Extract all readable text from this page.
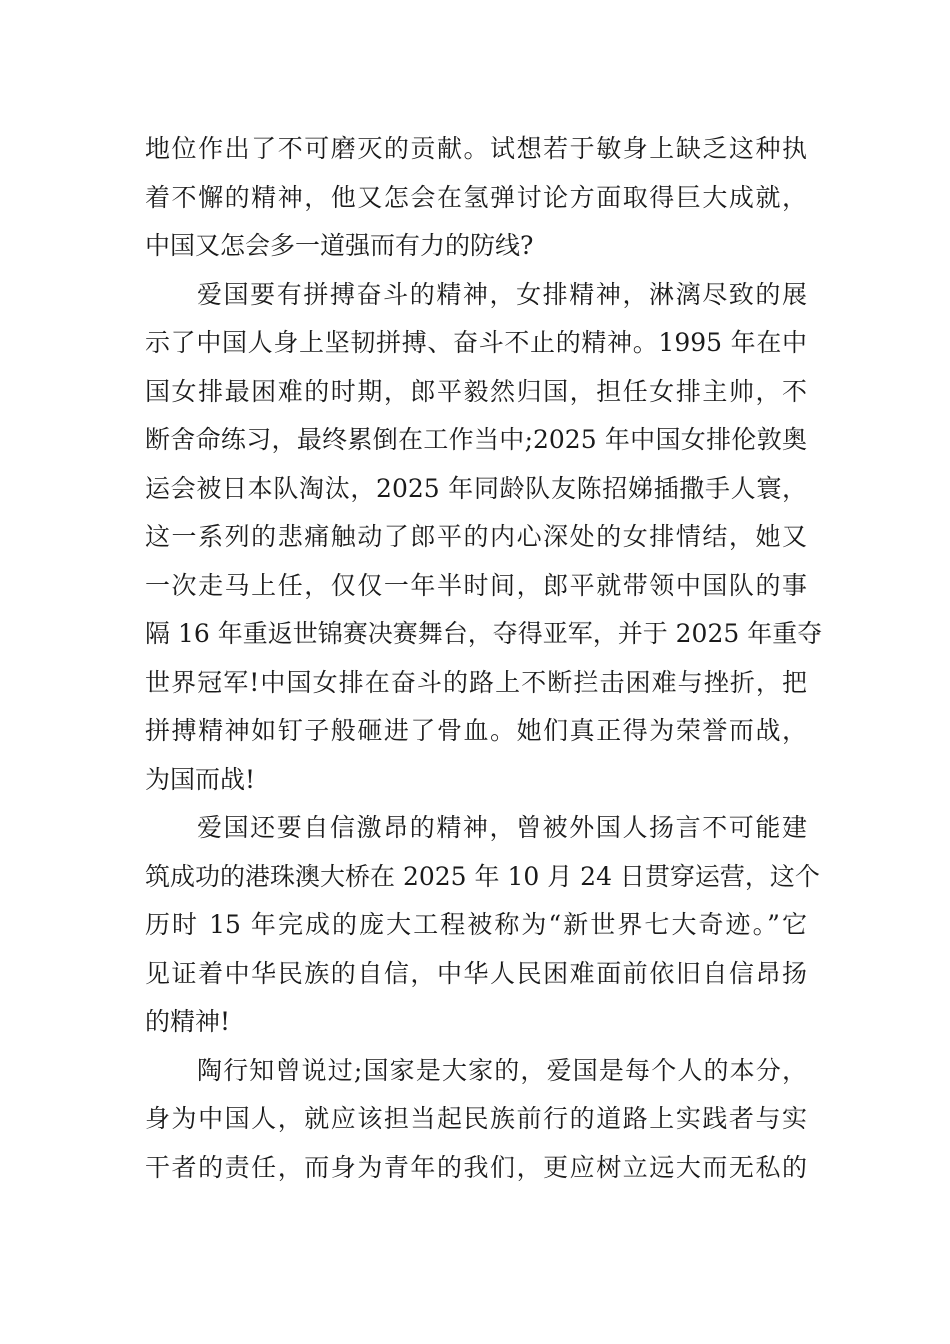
地位作出了不可磨灭的贡献。试想若于敏身上缺乏这种执
着不懈的精神，他又怎会在氢弹讨论方面取得巨大成就，
中国又怎会多一道强而有力的防线?
爱国要有拼搏奋斗的精神，女排精神，淋漓尽致的展
示了中国人身上坚韧拼搏、奋斗不止的精神。1995 年在中
国女排最困难的时期，郎平毅然归国，担任女排主帅，不
断舍命练习，最终累倒在工作当中;2025 年中国女排伦敦奥
运会被日本队淘汰，2025 年同龄队友陈招娣插撒手人寰，
这一系列的悲痛触动了郎平的内心深处的女排情结，她又
一次走马上任，仅仅一年半时间，郎平就带领中国队的事
隔 16 年重返世锦赛决赛舞台，夺得亚军，并于 2025 年重夺
世界冠军!中国女排在奋斗的路上不断拦击困难与挫折，把
拼搏精神如钉子般砸进了骨血。她们真正得为荣誉而战，
为国而战!
爱国还要自信激昂的精神，曾被外国人扬言不可能建
筑成功的港珠澳大桥在 2025 年 10 月 24 日贯穿运营，这个
历时 15 年完成的庞大工程被称为“新世界七大奇迹。”它
见证着中华民族的自信，中华人民困难面前依旧自信昂扬
的精神!
陶行知曾说过;国家是大家的，爱国是每个人的本分，
身为中国人，就应该担当起民族前行的道路上实践者与实
干者的责任，而身为青年的我们，更应树立远大而无私的
